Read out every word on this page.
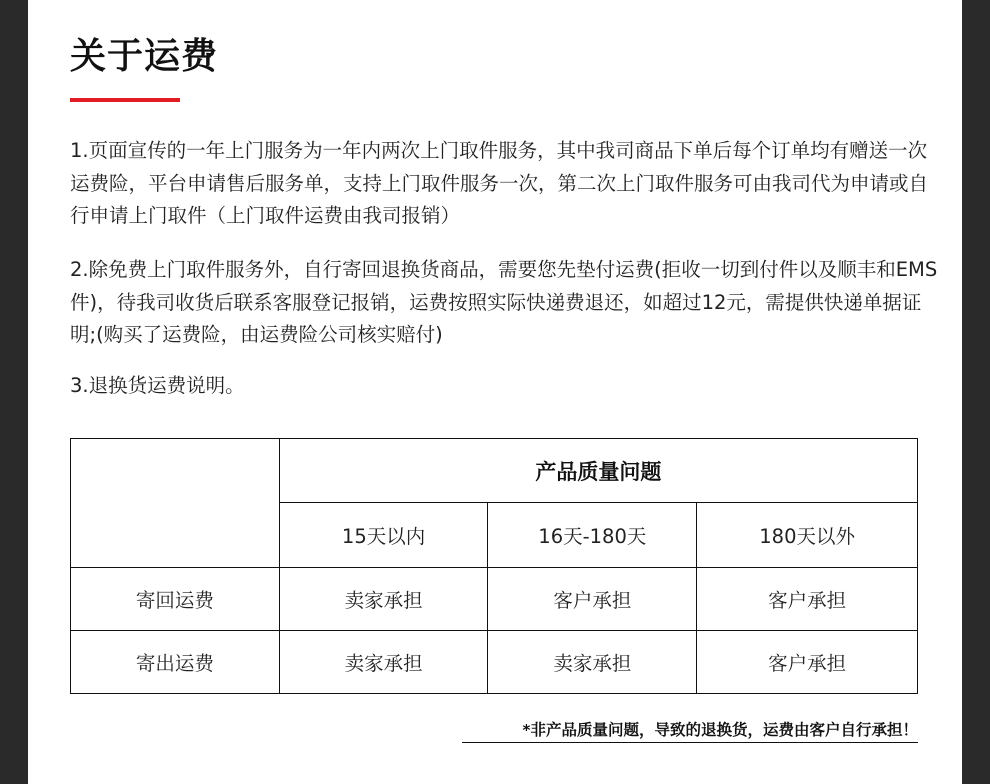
关于运费

1.页面宣传的一年上门服务为一年内两次上门取件服务，其中我司商品下单后每个订单均有赠送一次运费险，平台申请售后服务单，支持上门取件服务一次，第二次上门取件服务可由我司代为申请或自行申请上门取件（上门取件运费由我司报销）

2.除免费上门取件服务外，自行寄回退换货商品，需要您先垫付运费(拒收一切到付件以及顺丰和EMS件)，待我司收货后联系客服登记报销，运费按照实际快递费退还，如超过12元，需提供快递单据证明;(购买了运费险，由运费险公司核实赔付)

3.退换货运费说明。

	产品质量问题		
	15天以内	16天-180天	180天以外
寄回运费	卖家承担	客户承担	客户承担
寄出运费	卖家承担	卖家承担	客户承担

*非产品质量问题，导致的退换货，运费由客户自行承担！
